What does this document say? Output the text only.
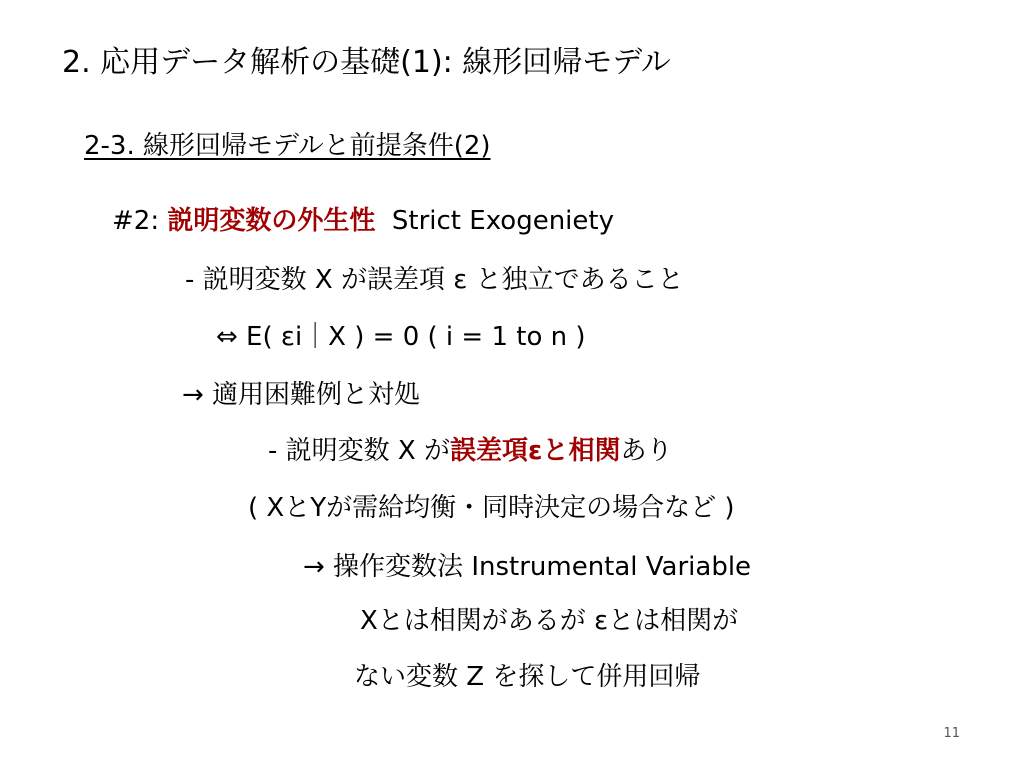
2. 応用データ解析の基礎(1): 線形回帰モデル
2-3. 線形回帰モデルと前提条件(2)
#2: 説明変数の外生性  Strict Exogeniety
- 説明変数 X が誤差項 ε と独立であること
⇔ E( εi｜X ) = 0 ( i = 1 to n )
→ 適用困難例と対処
- 説明変数 X が誤差項εと相関あり
( XとYが需給均衡・同時決定の場合など )
→ 操作変数法 Instrumental Variable
Xとは相関があるが εとは相関が
ない変数 Z を探して併用回帰
11
